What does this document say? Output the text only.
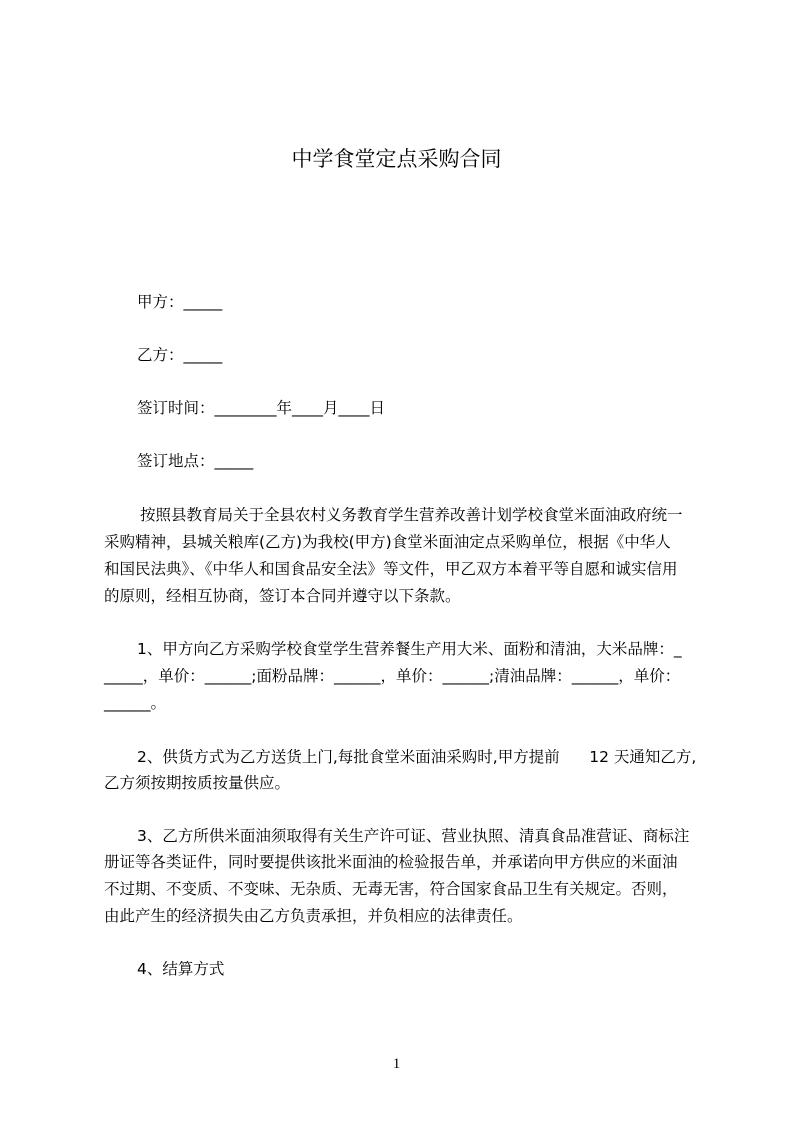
中学食堂定点采购合同
甲方：_____
乙方：_____
签订时间：________年____月____日
签订地点：_____
按照县教育局关于全县农村义务教育学生营养改善计划学校食堂米面油政府统一
采购精神，县城关粮库(乙方)为我校(甲方)食堂米面油定点采购单位，根据《中华人
和国民法典》、《中华人和国食品安全法》等文件，甲乙双方本着平等自愿和诚实信用
的原则，经相互协商，签订本合同并遵守以下条款。
1、甲方向乙方采购学校食堂学生营养餐生产用大米、面粉和清油，大米品牌：_
_____，单价：______;面粉品牌：______，单价：______;清油品牌：______，单价：
______。
2、供货方式为乙方送货上门,每批食堂米面油采购时,甲方提前      12 天通知乙方,
乙方须按期按质按量供应。
3、乙方所供米面油须取得有关生产许可证、营业执照、清真食品准营证、商标注
册证等各类证件，同时要提供该批米面油的检验报告单，并承诺向甲方供应的米面油
不过期、不变质、不变味、无杂质、无毒无害，符合国家食品卫生有关规定。否则，
由此产生的经济损失由乙方负责承担，并负相应的法律责任。
4、结算方式
1
